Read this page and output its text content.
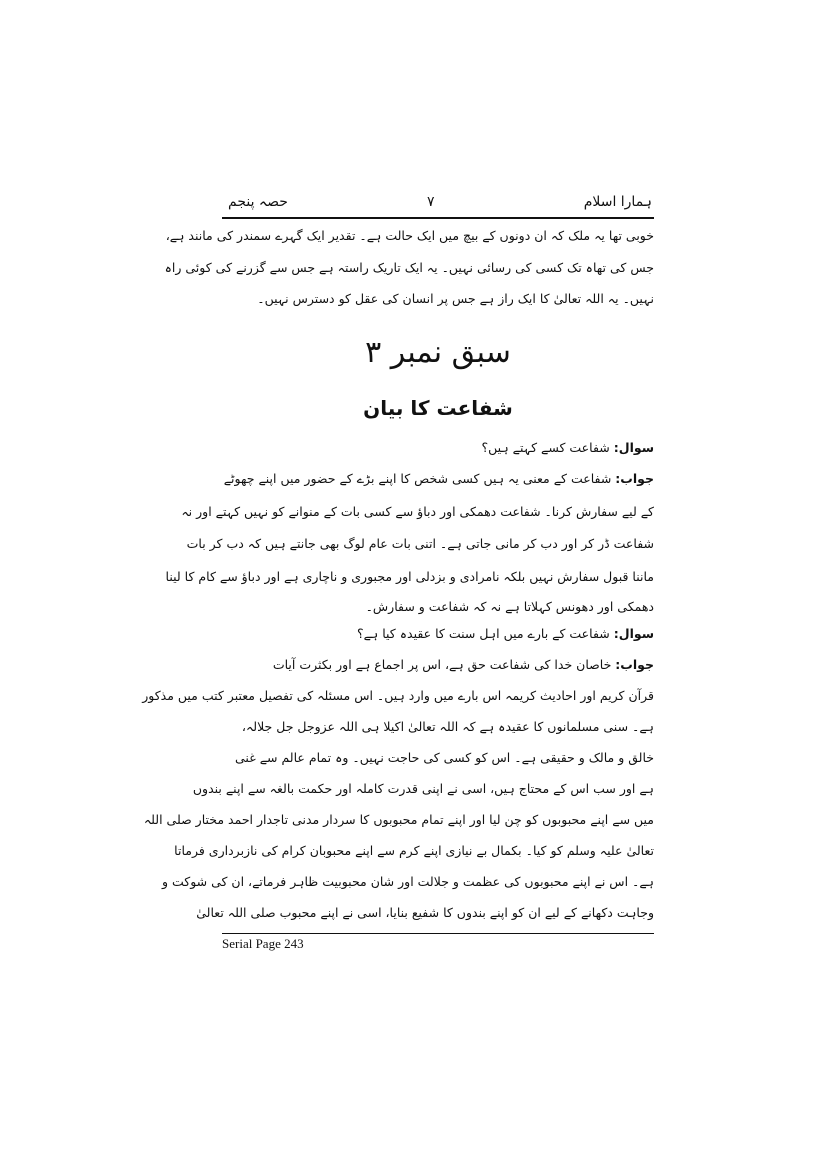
حصہ پنجم	۷	ہمارا اسلام
خوبی تھا یہ ملک کہ ان دونوں کے بیچ میں ایک حالت ہے۔ تقدیر ایک گہرے سمندر کی مانند ہے،
جس کی تھاہ تک کسی کی رسائی نہیں۔ یہ ایک تاریک راستہ ہے جس سے گزرنے کی کوئی راہ
نہیں۔ یہ اللہ تعالیٰ کا ایک راز ہے جس پر انسان کی عقل کو دسترس نہیں۔
سبق نمبر ۳
شفاعت کا بیان
سوال: شفاعت کسے کہتے ہیں؟
جواب: شفاعت کے معنی یہ ہیں کسی شخص کا اپنے بڑے کے حضور میں اپنے چھوٹے
کے لیے سفارش کرنا۔ شفاعت دھمکی اور دباؤ سے کسی بات کے منوانے کو نہیں کہتے اور نہ
شفاعت ڈر کر اور دب کر مانی جاتی ہے۔ اتنی بات عام لوگ بھی جانتے ہیں کہ دب کر بات
ماننا قبول سفارش نہیں بلکہ نامرادی و بزدلی اور مجبوری و ناچاری ہے اور دباؤ سے کام کا لینا
دھمکی اور دھونس کہلاتا ہے نہ کہ شفاعت و سفارش۔
سوال: شفاعت کے بارے میں اہل سنت کا عقیدہ کیا ہے؟
جواب: خاصان خدا کی شفاعت حق ہے، اس پر اجماع ہے اور بکثرت آیات
قرآن کریم اور احادیث کریمہ اس بارے میں وارد ہیں۔ اس مسئلہ کی تفصیل معتبر کتب میں مذکور
ہے۔ سنی مسلمانوں کا عقیدہ ہے کہ اللہ تعالیٰ اکیلا ہی اللہ عزوجل جل جلالہ،
خالق و مالک و حقیقی ہے۔ اس کو کسی کی حاجت نہیں۔ وہ تمام عالم سے غنی
ہے اور سب اس کے محتاج ہیں، اسی نے اپنی قدرت کاملہ اور حکمت بالغہ سے اپنے بندوں
میں سے اپنے محبوبوں کو چن لیا اور اپنے تمام محبوبوں کا سردار مدنی تاجدار احمد مختار صلی اللہ
تعالیٰ علیہ وسلم کو کیا۔ بکمال بے نیازی اپنے کرم سے اپنے محبوبان کرام کی نازبرداری فرماتا
ہے۔ اس نے اپنے محبوبوں کی عظمت و جلالت اور شان محبوبیت ظاہر فرماتے، ان کی شوکت و
وجاہت دکھانے کے لیے ان کو اپنے بندوں کا شفیع بنایا، اسی نے اپنے محبوب صلی اللہ تعالیٰ
Serial Page 243
